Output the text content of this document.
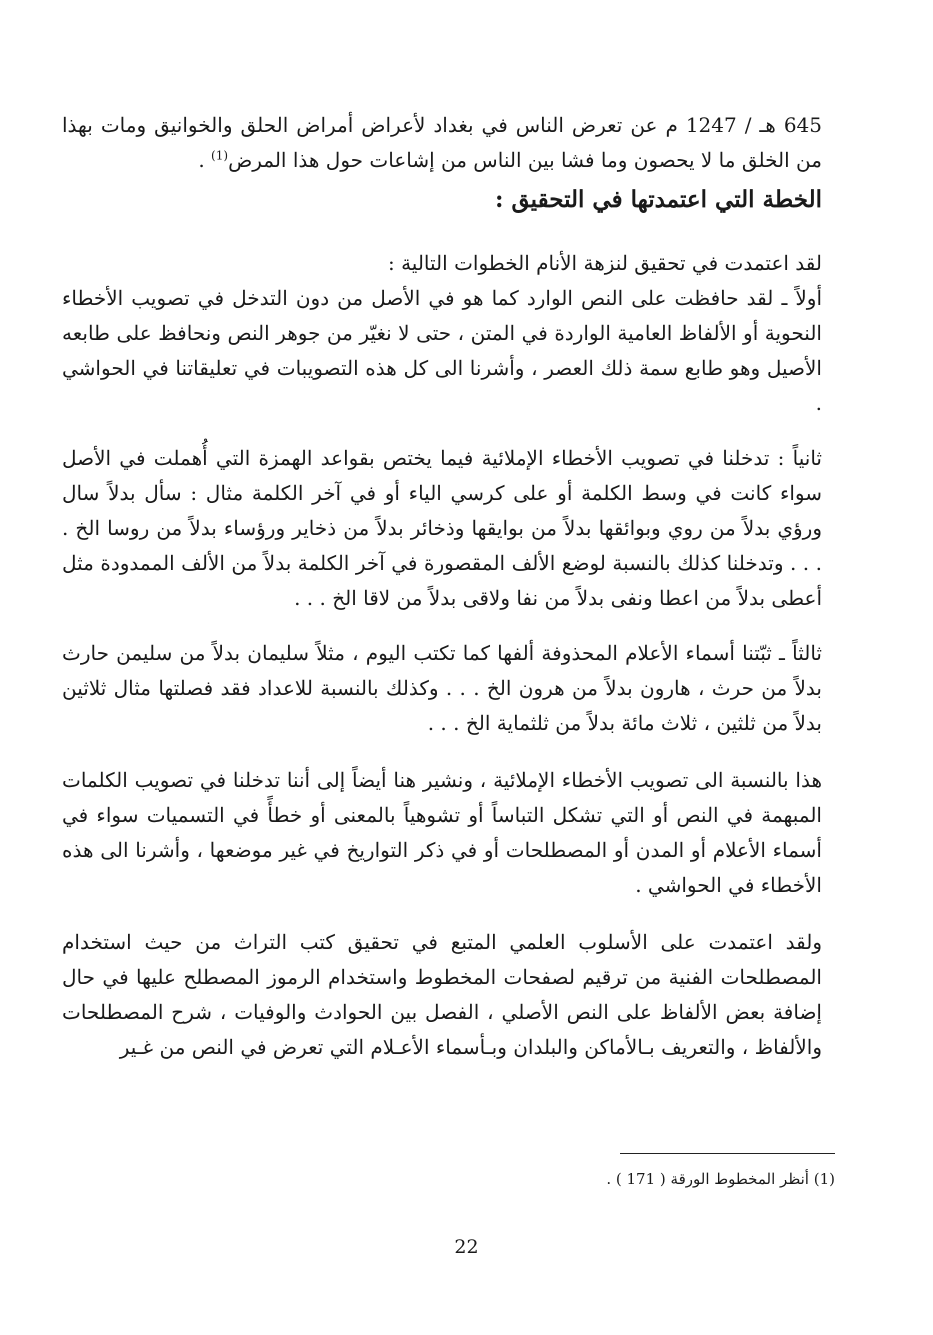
645 هـ / 1247 م عن تعرض الناس في بغداد لأعراض أمراض الحلق والخوانيق ومات بهذا من الخلق ما لا يحصون وما فشا بين الناس من إشاعات حول هذا المرض$^{(1)}$ .

الخطة التي اعتمدتها في التحقيق :

لقد اعتمدت في تحقيق لنزهة الأنام الخطوات التالية :

أولاً ـ لقد حافظت على النص الوارد كما هو في الأصل من دون التدخل في تصويب الأخطاء النحوية أو الألفاظ العامية الواردة في المتن ، حتى لا نغيّر من جوهر النص ونحافظ على طابعه الأصيل وهو طابع سمة ذلك العصر ، وأشرنا الى كل هذه التصويبات في تعليقاتنا في الحواشي .

ثانياً : تدخلنا في تصويب الأخطاء الإملائية فيما يختص بقواعد الهمزة التي أُهملت في الأصل سواء كانت في وسط الكلمة أو على كرسي الياء أو في آخر الكلمة مثال : سأل بدلاً سال ورؤي بدلاً من روي وبوائقها بدلاً من بوايقها وذخائر بدلاً من ذخاير ورؤساء بدلاً من روسا الخ . . . . وتدخلنا كذلك بالنسبة لوضع الألف المقصورة في آخر الكلمة بدلاً من الألف الممدودة مثل أعطى بدلاً من اعطا ونفى بدلاً من نفا ولاقى بدلاً من لاقا الخ . . .

ثالثاً ـ ثبّتنا أسماء الأعلام المحذوفة ألفها كما تكتب اليوم ، مثلاً سليمان بدلاً من سليمن حارث بدلاً من حرث ، هارون بدلاً من هرون الخ . . . وكذلك بالنسبة للاعداد فقد فصلتها مثال ثلاثين بدلاً من ثلثين ، ثلاث مائة بدلاً من ثلثماية الخ . . .

هذا بالنسبة الى تصويب الأخطاء الإملائية ، ونشير هنا أيضاً إلى أننا تدخلنا في تصويب الكلمات المبهمة في النص أو التي تشكل التباساً أو تشوهياً بالمعنى أو خطأً في التسميات سواء في أسماء الأعلام أو المدن أو المصطلحات أو في ذكر التواريخ في غير موضعها ، وأشرنا الى هذه الأخطاء في الحواشي .

ولقد اعتمدت على الأسلوب العلمي المتبع في تحقيق كتب التراث من حيث استخدام المصطلحات الفنية من ترقيم لصفحات المخطوط واستخدام الرموز المصطلح عليها في حال إضافة بعض الألفاظ على النص الأصلي ، الفصل بين الحوادث والوفيات ، شرح المصطلحات والألفاظ ، والتعريف بـالأماكن والبلدان وبـأسماء الأعـلام التي تعرض في النص من غـير

(1) أنظر المخطوط الورقة ( 171 ) .
22
